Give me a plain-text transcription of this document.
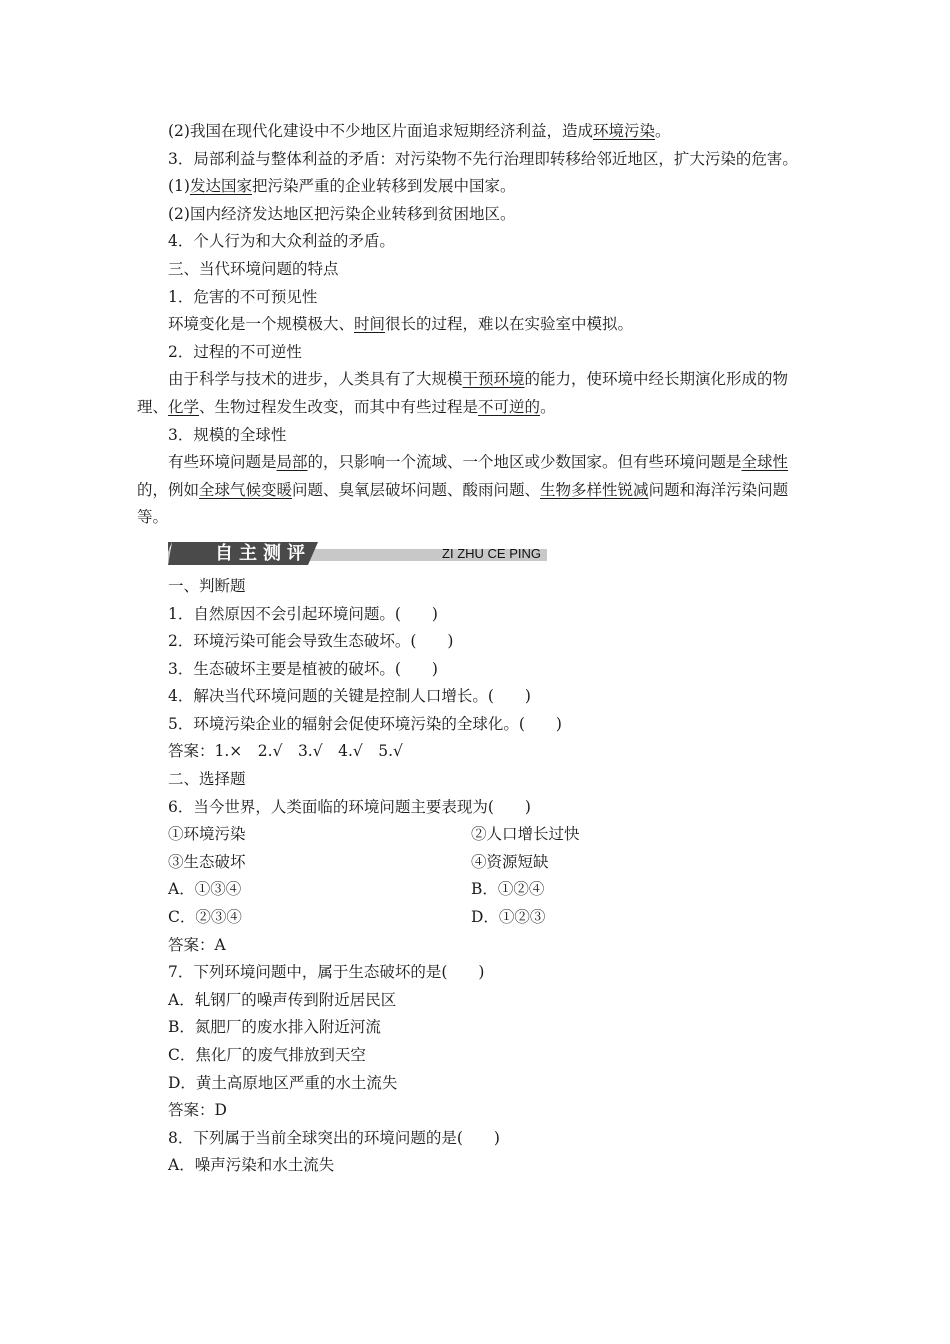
(2)我国在现代化建设中不少地区片面追求短期经济利益，造成环境污染。

3．局部利益与整体利益的矛盾：对污染物不先行治理即转移给邻近地区，扩大污染的危害。

(1)发达国家把污染严重的企业转移到发展中国家。

(2)国内经济发达地区把污染企业转移到贫困地区。

4．个人行为和大众利益的矛盾。

三、当代环境问题的特点

1．危害的不可预见性

环境变化是一个规模极大、时间很长的过程，难以在实验室中模拟。

2．过程的不可逆性

由于科学与技术的进步，人类具有了大规模干预环境的能力，使环境中经长期演化形成的物理、化学、生物过程发生改变，而其中有些过程是不可逆的。

3．规模的全球性

有些环境问题是局部的，只影响一个流域、一个地区或少数国家。但有些环境问题是全球性的，例如全球气候变暖问题、臭氧层破坏问题、酸雨问题、生物多样性锐减问题和海洋污染问题等。

自主测评	ZI ZHU CE PING

一、判断题

1．自然原因不会引起环境问题。(　　)

2．环境污染可能会导致生态破坏。(　　)

3．生态破坏主要是植被的破坏。(　　)

4．解决当代环境问题的关键是控制人口增长。(　　)

5．环境污染企业的辐射会促使环境污染的全球化。(　　)

答案：1.×　2.√　3.√　4.√　5.√

二、选择题

6．当今世界，人类面临的环境问题主要表现为(　　)

①环境污染	②人口增长过快
③生态破坏	④资源短缺
A．①③④	B．①②④
C．②③④	D．①②③

答案：A

7．下列环境问题中，属于生态破坏的是(　　)

A．轧钢厂的噪声传到附近居民区

B．氮肥厂的废水排入附近河流

C．焦化厂的废气排放到天空

D．黄土高原地区严重的水土流失

答案：D

8．下列属于当前全球突出的环境问题的是(　　)

A．噪声污染和水土流失
